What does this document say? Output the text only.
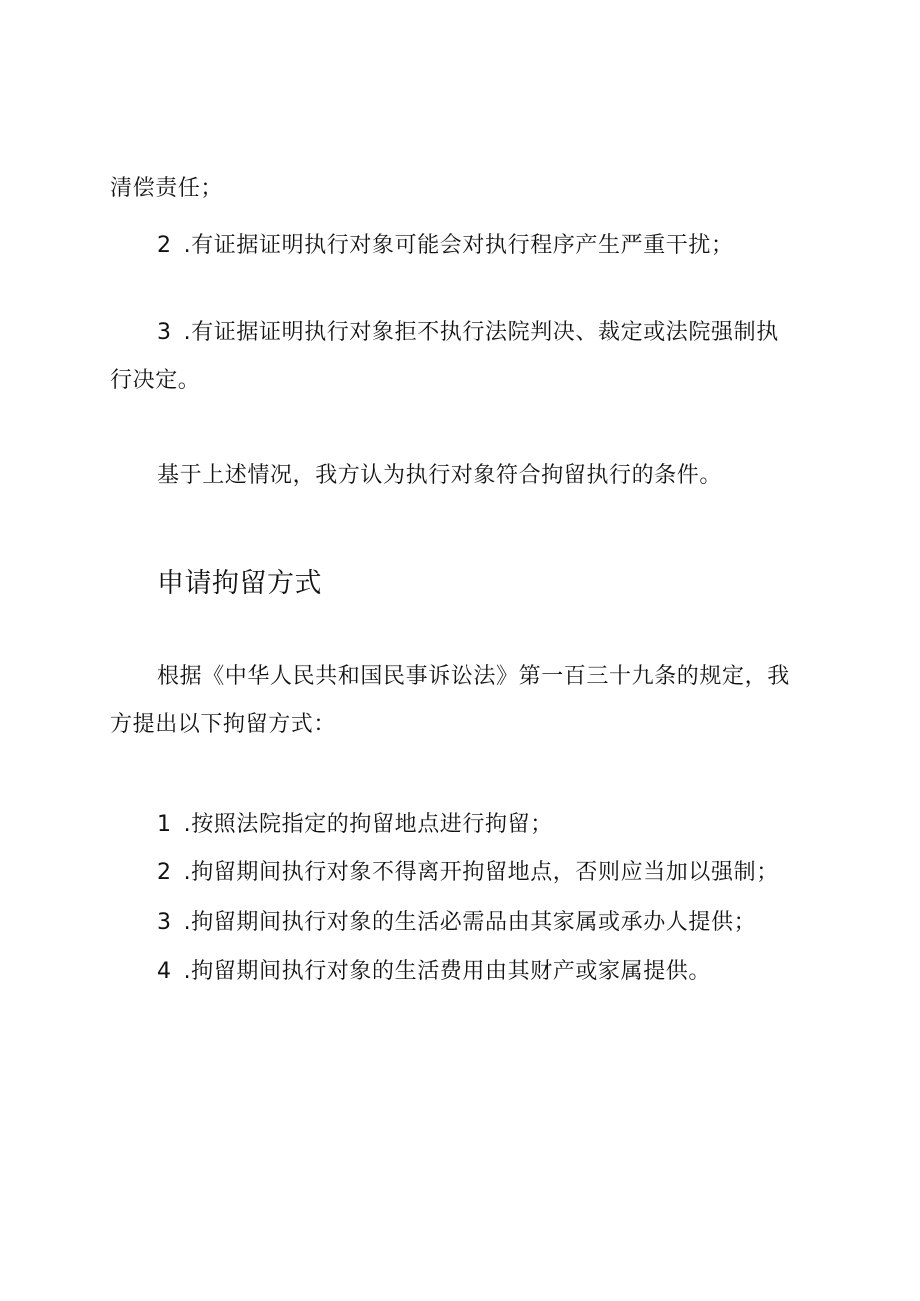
清偿责任；
2 .有证据证明执行对象可能会对执行程序产生严重干扰；
3 .有证据证明执行对象拒不执行法院判决、裁定或法院强制执
行决定。
基于上述情况，我方认为执行对象符合拘留执行的条件。
申请拘留方式
根据《中华人民共和国民事诉讼法》第一百三十九条的规定，我
方提出以下拘留方式：
1 .按照法院指定的拘留地点进行拘留；
2 .拘留期间执行对象不得离开拘留地点，否则应当加以强制；
3 .拘留期间执行对象的生活必需品由其家属或承办人提供；
4 .拘留期间执行对象的生活费用由其财产或家属提供。
